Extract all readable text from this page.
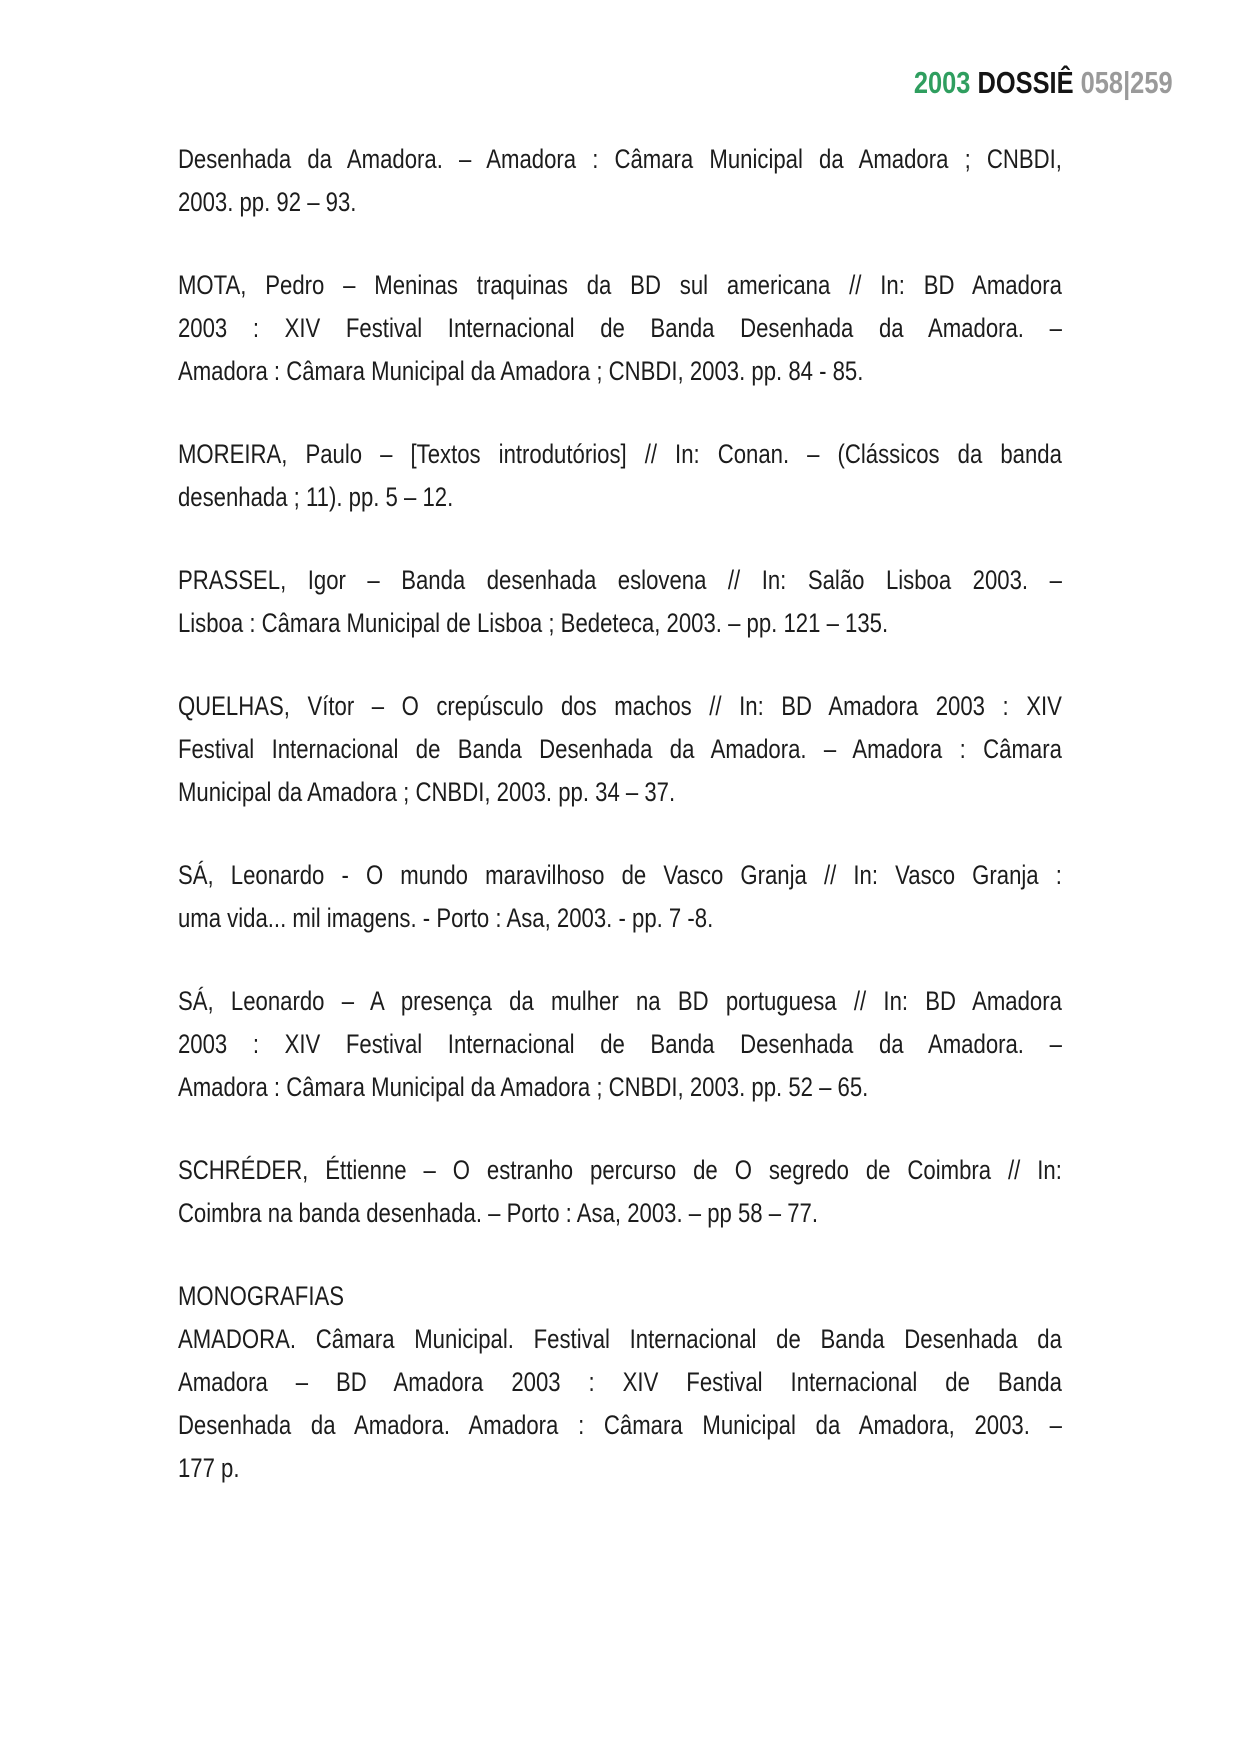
2003 DOSSIÊ 058|259
Desenhada da Amadora. – Amadora : Câmara Municipal da Amadora ; CNBDI,
2003. pp. 92 – 93.
MOTA, Pedro – Meninas traquinas da BD sul americana // In: BD Amadora
2003 : XIV Festival Internacional de Banda Desenhada da Amadora. –
Amadora : Câmara Municipal da Amadora ; CNBDI, 2003. pp. 84 - 85.
MOREIRA, Paulo – [Textos introdutórios] // In: Conan. – (Clássicos da banda
desenhada ; 11). pp. 5 – 12.
PRASSEL, Igor – Banda desenhada eslovena // In: Salão Lisboa 2003. –
Lisboa : Câmara Municipal de Lisboa ; Bedeteca, 2003. – pp. 121 – 135.
QUELHAS, Vítor – O crepúsculo dos machos // In: BD Amadora 2003 : XIV
Festival Internacional de Banda Desenhada da Amadora. – Amadora : Câmara
Municipal da Amadora ; CNBDI, 2003. pp. 34 – 37.
SÁ, Leonardo - O mundo maravilhoso de Vasco Granja // In: Vasco Granja :
uma vida... mil imagens. - Porto : Asa, 2003. - pp. 7 -8.
SÁ, Leonardo – A presença da mulher na BD portuguesa // In: BD Amadora
2003 : XIV Festival Internacional de Banda Desenhada da Amadora. –
Amadora : Câmara Municipal da Amadora ; CNBDI, 2003. pp. 52 – 65.
SCHRÉDER, Éttienne – O estranho percurso de O segredo de Coimbra // In:
Coimbra na banda desenhada. – Porto : Asa, 2003. – pp 58 – 77.
MONOGRAFIAS
AMADORA. Câmara Municipal. Festival Internacional de Banda Desenhada da
Amadora – BD Amadora 2003 : XIV Festival Internacional de Banda
Desenhada da Amadora. Amadora : Câmara Municipal da Amadora, 2003. –
177 p.
